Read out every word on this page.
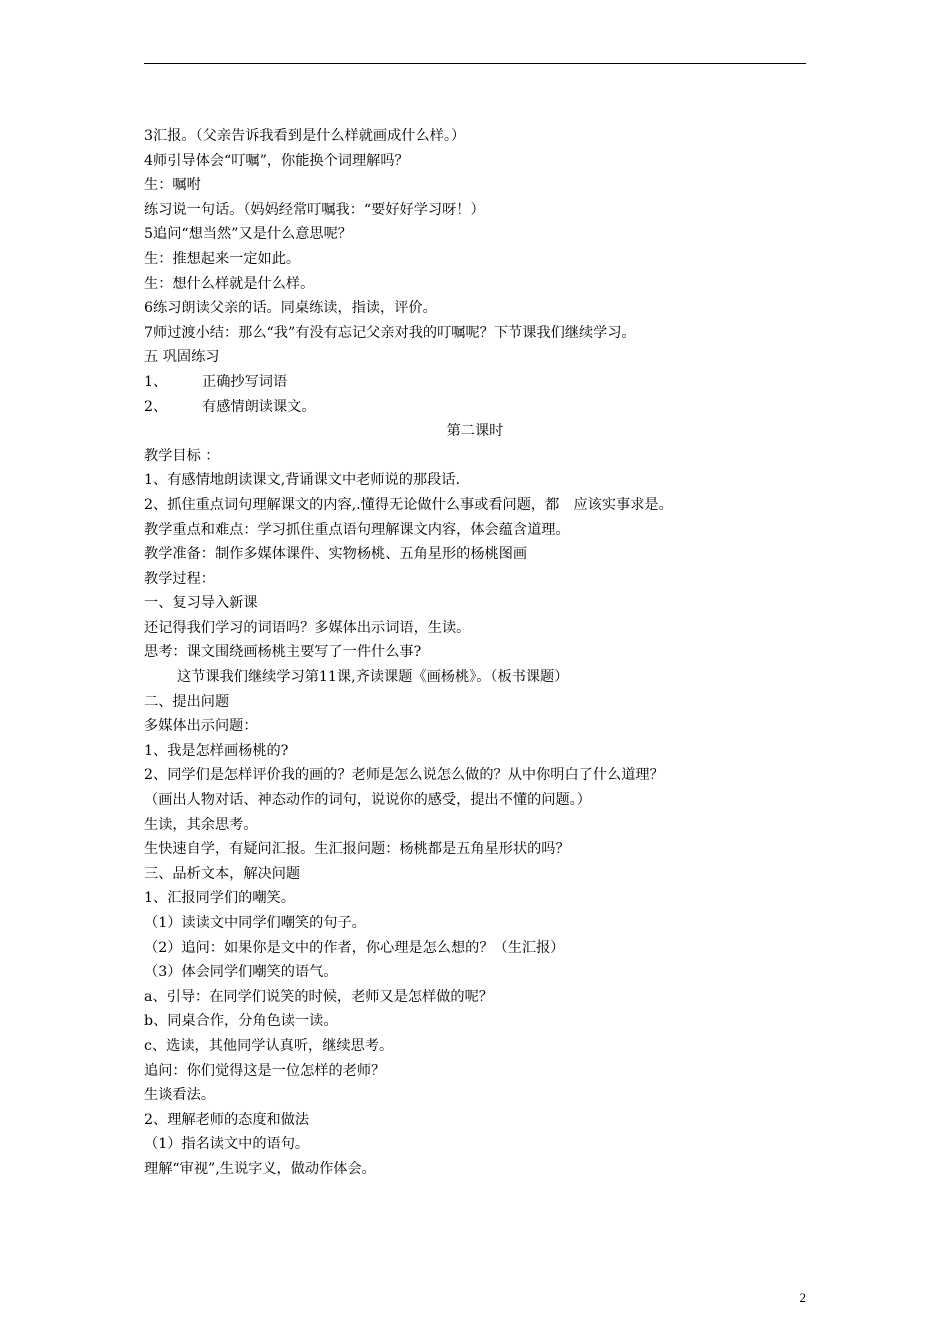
3汇报。（父亲告诉我看到是什么样就画成什么样。）
4师引导体会“叮嘱”，你能换个词理解吗？
生：嘱咐
练习说一句话。（妈妈经常叮嘱我：“要好好学习呀！）
5追问“想当然”又是什么意思呢？
生：推想起来一定如此。
生：想什么样就是什么样。
6练习朗读父亲的话。同桌练读，指读，评价。
7师过渡小结：那么“我”有没有忘记父亲对我的叮嘱呢？下节课我们继续学习。
五 巩固练习
1、 正确抄写词语
2、 有感情朗读课文。
第二课时
教学目标 ：
1、有感情地朗读课文,背诵课文中老师说的那段话.
2、抓住重点词句理解课文的内容,.懂得无论做什么事或看问题，都　应该实事求是。
教学重点和难点：学习抓住重点语句理解课文内容，体会蕴含道理。
教学准备：制作多媒体课件、实物杨桃、五角星形的杨桃图画
教学过程：
一、复习导入新课
还记得我们学习的词语吗？多媒体出示词语，生读。
思考：课文围绕画杨桃主要写了一件什么事?
这节课我们继续学习第11课,齐读课题《画杨桃》。（板书课题）
二、提出问题
多媒体出示问题：
1、我是怎样画杨桃的?
2、同学们是怎样评价我的画的？老师是怎么说怎么做的？从中你明白了什么道理？
（画出人物对话、神态动作的词句，说说你的感受，提出不懂的问题。）
生读，其余思考。
生快速自学，有疑问汇报。生汇报问题：杨桃都是五角星形状的吗？
三、品析文本，解决问题
1、汇报同学们的嘲笑。
（1）读读文中同学们嘲笑的句子。
（2）追问：如果你是文中的作者，你心理是怎么想的？（生汇报）
（3）体会同学们嘲笑的语气。
a、引导：在同学们说笑的时候，老师又是怎样做的呢？
b、同桌合作，分角色读一读。
c、选读，其他同学认真听，继续思考。
追问：你们觉得这是一位怎样的老师？
生谈看法。
2、理解老师的态度和做法
（1）指名读文中的语句。
理解“审视”,生说字义，做动作体会。
2
